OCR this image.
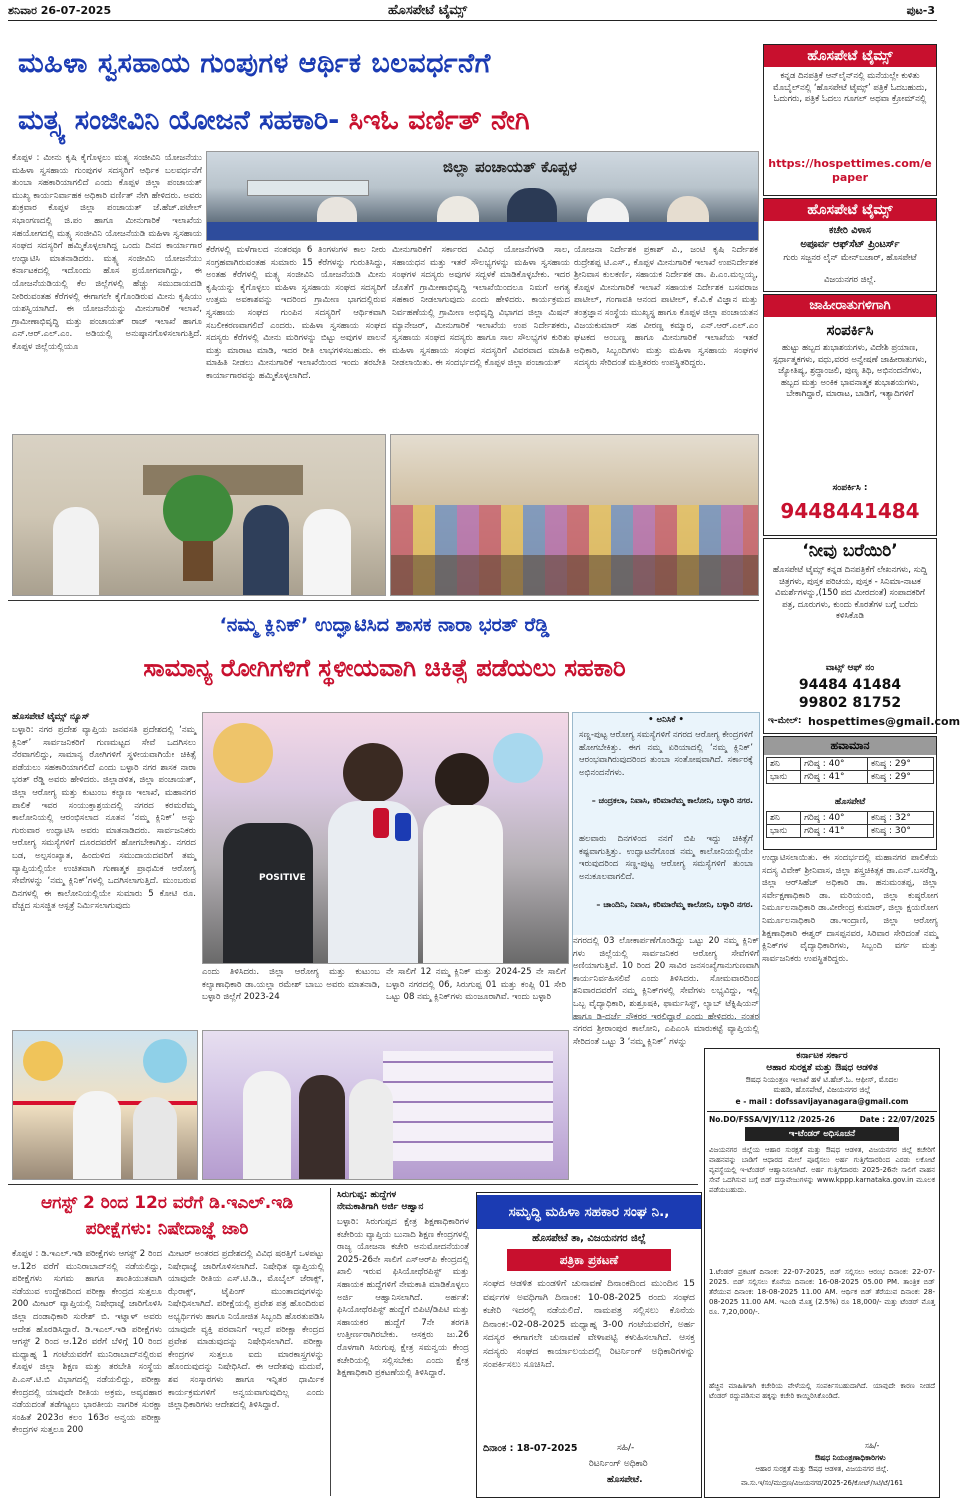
ಶನಿವಾರ 26-07-2025	ಹೊಸಪೇಟೆ ಟೈಮ್ಸ್	ಪುಟ-3
ಮಹಿಳಾ ಸ್ವಸಹಾಯ ಗುಂಪುಗಳ ಆರ್ಥಿಕ ಬಲವರ್ಧನೆಗೆ
ಮತ್ಸ್ಯ ಸಂಜೀವಿನಿ ಯೋಜನೆ ಸಹಕಾರಿ- ಸಿಇಓ ವರ್ಣಿತ್ ನೇಗಿ
ಕೊಪ್ಪಳ : ಮೀನು ಕೃಷಿ ಕೈಗೊಳ್ಳಲು ಮತ್ಸ್ಯ ಸಂಜೀವಿನಿ ಯೋಜನೆಯು ಮಹಿಳಾ ಸ್ವಸಹಾಯ ಗುಂಪುಗಳ ಸದಸ್ಯರಿಗೆ ಆರ್ಥಿಕ ಬಲವರ್ಧನೆಗೆ ತುಂಬಾ ಸಹಕಾರಿಯಾಗಲಿದೆ ಎಂದು ಕೊಪ್ಪಳ ಜಿಲ್ಲಾ ಪಂಚಾಯತ್ ಮುಖ್ಯ ಕಾರ್ಯನಿರ್ವಾಹಕ ಅಧಿಕಾರಿ ವರ್ಣಿತ್ ನೇಗಿ ಹೇಳಿದರು. ಅವರು ಶುಕ್ರವಾರ ಕೊಪ್ಪಳ ಜಿಲ್ಲಾ ಪಂಚಾಯತ್ ಜೆ.ಹೆಚ್.ಪಟೇಲ್ ಸಭಾಂಗಣದಲ್ಲಿ ಜಿ.ಪಂ ಹಾಗೂ ಮೀನುಗಾರಿಕೆ ಇಲಾಖೆಯ ಸಹಯೋಗದಲ್ಲಿ ಮತ್ಸ್ಯ ಸಂಜೀವಿನಿ ಯೋಜನೆಯಡಿ ಮಹಿಳಾ ಸ್ವಸಹಾಯ ಸಂಘದ ಸದಸ್ಯರಿಗೆ ಹಮ್ಮಿಕೊಳ್ಳಲಾಗಿದ್ದ ಒಂದು ದಿನದ ಕಾರ್ಯಾಗಾರ ಉದ್ಘಾಟಿಸಿ ಮಾತನಾಡಿದರು. ಮತ್ಸ್ಯ ಸಂಜೀವಿನಿ ಯೋಜನೆಯು ಕರ್ನಾಟಕದಲ್ಲಿ ಇದೊಂದು ಹೊಸ ಪ್ರಯೋಗವಾಗಿದ್ದು, ಈ ಯೋಜನೆಯಡಿಯಲ್ಲಿ ಕೆಲ ಜಿಲ್ಲೆಗಳಲ್ಲಿ ಹೆಚ್ಚು ಸಮುದಾಯದಡಿ ನೀರಿರುವಂತಹ ಕೆರೆಗಳಲ್ಲಿ ಈಗಾಗಲೇ ಕೈಗೊಂಡಿರುವ ಮೀನು ಕೃಷಿಯು ಯಶಸ್ವಿಯಾಗಿದೆ. ಈ ಯೋಜನೆಯನ್ನು ಮೀನುಗಾರಿಕೆ ಇಲಾಖೆ, ಗ್ರಾಮೀಣಾಭಿವೃದ್ಧಿ ಮತ್ತು ಪಂಚಾಯತ್ ರಾಜ್ ಇಲಾಖೆ ಹಾಗೂ ಎನ್.ಆರ್.ಎಲ್.ಎಂ. ಅಡಿಯಲ್ಲಿ ಅನುಷ್ಠಾನಗೊಳಿಸಲಾಗುತ್ತಿದೆ. ಕೊಪ್ಪಳ ಜಿಲ್ಲೆಯಲ್ಲಿಯೂ
ಜಿಲ್ಲಾ ಪಂಚಾಯತ್ ಕೊಪ್ಪಳ
ಕೆರೆಗಳಲ್ಲಿ ಮಳೆಗಾಲದ ನಂತರವೂ 6 ತಿಂಗಳುಗಳ ಕಾಲ ನೀರು ಸಂಗ್ರಹವಾಗಿರುವಂತಹ ಸುಮಾರು 15 ಕೆರೆಗಳನ್ನು ಗುರುತಿಸಿದ್ದು, ಅಂತಹ ಕೆರೆಗಳಲ್ಲಿ ಮತ್ಸ್ಯ ಸಂಜೀವಿನಿ ಯೋಜನೆಯಡಿ ಮೀನು ಕೃಷಿಯನ್ನು ಕೈಗೊಳ್ಳಲು ಮಹಿಳಾ ಸ್ವಸಹಾಯ ಸಂಘದ ಸದಸ್ಯರಿಗೆ ಉತ್ತಮ ಅವಕಾಶವನ್ನು ಇದರಿಂದ ಗ್ರಾಮೀಣ ಭಾಗದಲ್ಲಿರುವ ಸ್ವಸಹಾಯ ಸಂಘದ ಗುಂಪಿನ ಸದಸ್ಯರಿಗೆ ಆರ್ಥಿಕವಾಗಿ ಸಬಲೀಕರಣವಾಗಲಿದೆ ಎಂದರು. ಮಹಿಳಾ ಸ್ವಸಹಾಯ ಸಂಘದ ಸದಸ್ಯರು ಕೆರೆಗಳಲ್ಲಿ ಮೀನು ಮರಿಗಳನ್ನು ಬಿಟ್ಟು ಅವುಗಳ ಪಾಲನೆ ಮತ್ತು ಮಾರಾಟ ಮಾಡಿ, ಇದರ ರೀತಿ ಲಾಭಗಳಿಸಬಹುದು. ಈ ಮಾಹಿತಿ ನೀಡಲು ಮೀನುಗಾರಿಕೆ ಇಲಾಖೆಯಿಂದ ಇಂದು ತರಬೇತಿ ಕಾರ್ಯಾಗಾರವನ್ನು ಹಮ್ಮಿಕೊಳ್ಳಲಾಗಿದೆ.
ಮೀನುಗಾರಿಕೆಗೆ ಸರ್ಕಾರದ ವಿವಿಧ ಯೋಜನೆಗಳಡಿ ಸಾಲ, ಸಹಾಯಧನ ಮತ್ತು ಇತರೆ ಸೌಲಭ್ಯಗಳನ್ನು ಮಹಿಳಾ ಸ್ವಸಹಾಯ ಸಂಘಗಳ ಸದಸ್ಯರು ಅವುಗಳ ಸದ್ಬಳಕೆ ಮಾಡಿಕೊಳ್ಳಬೇಕು. ಇದರ ಜೊತೆಗೆ ಗ್ರಾಮೀಣಾಭಿವೃದ್ಧಿ ಇಲಾಖೆಯಿಂದಲೂ ನಿಮಗೆ ಅಗತ್ಯ ಸಹಕಾರ ನೀಡಲಾಗುವುದು ಎಂದು ಹೇಳಿದರು. ಕಾರ್ಯಕ್ರಮದ ನಿರ್ವಹಣೆಯಲ್ಲಿ ಗ್ರಾಮೀಣ ಅಭಿವೃದ್ಧಿ ವಿಭಾಗದ ಜಿಲ್ಲಾ ಮಿಷನ್ ಮ್ಯಾನೇಜರ್, ಮೀನುಗಾರಿಕೆ ಇಲಾಖೆಯ ಉಪ ನಿರ್ದೇಶಕರು, ಸ್ವಸಹಾಯ ಸಂಘದ ಸದಸ್ಯರು ಹಾಗೂ ಸಾಲ ಸೌಲಭ್ಯಗಳ ಕುರಿತು ಮಹಿಳಾ ಸ್ವಸಹಾಯ ಸಂಘದ ಸದಸ್ಯರಿಗೆ ವಿವರವಾದ ಮಾಹಿತಿ ನೀಡಲಾಯಿತು. ಈ ಸಂದರ್ಭದಲ್ಲಿ ಕೊಪ್ಪಳ ಜಿಲ್ಲಾ ಪಂಚಾಯತ್
ಯೋಜನಾ ನಿರ್ದೇಶಕ ಪ್ರಕಾಶ್ ವಿ., ಜಂಟಿ ಕೃಷಿ ನಿರ್ದೇಶಕ ರುದ್ರೇಶಪ್ಪ ಟಿ.ಎಸ್., ಕೊಪ್ಪಳ ಮೀನುಗಾರಿಕೆ ಇಲಾಖೆ ಉಪನಿರ್ದೇಶಕ ಶ್ರೀನಿವಾಸ ಕುಲಕರ್ಣಿ, ಸಹಾಯಕ ನಿರ್ದೇಶಕ ಡಾ. ಪಿ.ಎಂ.ಮಲ್ಲಯ್ಯ, ಕೊಪ್ಪಳ ಮೀನುಗಾರಿಕೆ ಇಲಾಖೆ ಸಹಾಯಕ ನಿರ್ದೇಶಕ ಬಸವರಾಜ ಪಾಟೀಲ್, ಗಂಗಾವತಿ ಆನಂದ ಪಾಟೀಲ್, ಕೆ.ವಿ.ಕೆ ವಿಜ್ಞಾನ ಮತ್ತು ತಂತ್ರಜ್ಞಾನ ಸಂಸ್ಥೆಯ ಮುಖ್ಯಸ್ಥ ಹಾಗೂ ಕೊಪ್ಪಳ ಜಿಲ್ಲಾ ಪಂಚಾಯತನ ವಿಜಯಕುಮಾರ್ ಸಹ ವೀರಣ್ಣ ಕಮ್ಮಾರ, ಎನ್.ಆರ್.ಎಲ್.ಎಂ ಘಟಕದ ಅಂಬಣ್ಣ ಹಾಗೂ ಮೀನುಗಾರಿಕೆ ಇಲಾಖೆಯ ಇತರೆ ಅಧಿಕಾರಿ, ಸಿಬ್ಬಂದಿಗಳು ಮತ್ತು ಮಹಿಳಾ ಸ್ವಸಹಾಯ ಸಂಘಗಳ ಸದಸ್ಯರು ಸೇರಿದಂತೆ ಮತ್ತಿತರರು ಉಪಸ್ಥಿತರಿದ್ದರು.
‘ನಮ್ಮ ಕ್ಲಿನಿಕ್’ ಉದ್ಘಾಟಿಸಿದ ಶಾಸಕ ನಾರಾ ಭರತ್ ರೆಡ್ಡಿ
ಸಾಮಾನ್ಯ ರೋಗಿಗಳಿಗೆ ಸ್ಥಳೀಯವಾಗಿ ಚಿಕಿತ್ಸೆ ಪಡೆಯಲು ಸಹಕಾರಿ
ಹೊಸಪೇಟೆ ಟೈಮ್ಸ್ ನ್ಯೂಸ್
ಬಳ್ಳಾರಿ: ನಗರ ಪ್ರದೇಶ ವ್ಯಾಪ್ತಿಯ ಜನವಸತಿ ಪ್ರದೇಶದಲ್ಲಿ ‘ನಮ್ಮ ಕ್ಲಿನಿಕ್’ ಸಾರ್ವಜನಿಕರಿಗೆ ಗುಣಮಟ್ಟದ ಸೇವೆ ಒದಗಿಸಲು ನೆರವಾಗಲಿದ್ದು, ಸಾಮಾನ್ಯ ರೋಗಿಗಳಿಗೆ ಸ್ಥಳೀಯವಾಗಿಯೇ ಚಿಕಿತ್ಸೆ ಪಡೆಯಲು ಸಹಕಾರಿಯಾಗಲಿದೆ ಎಂದು ಬಳ್ಳಾರಿ ನಗರ ಶಾಸಕ ನಾರಾ ಭರತ್ ರೆಡ್ಡಿ ಅವರು ಹೇಳಿದರು. ಜಿಲ್ಲಾಡಳಿತ, ಜಿಲ್ಲಾ ಪಂಚಾಯತ್, ಜಿಲ್ಲಾ ಆರೋಗ್ಯ ಮತ್ತು ಕುಟುಂಬ ಕಲ್ಯಾಣ ಇಲಾಖೆ, ಮಹಾನಗರ ಪಾಲಿಕೆ ಇವರ ಸಂಯುಕ್ತಾಶ್ರಯದಲ್ಲಿ ನಗರದ ಕರಮರೆಮ್ಮ ಕಾಲೋನಿಯಲ್ಲಿ ಆರಂಭಿಸಲಾದ ನೂತನ ‘ನಮ್ಮ ಕ್ಲಿನಿಕ್’ ಅನ್ನು ಗುರುವಾರ ಉದ್ಘಾಟಿಸಿ ಅವರು ಮಾತನಾಡಿದರು. ಸಾರ್ವಜನಿಕರು ಆರೋಗ್ಯ ಸಮಸ್ಯೆಗಳಿಗೆ ದೂರದವರೆಗೆ ಹೋಗಬೇಕಾಗಿತ್ತು. ನಗರದ ಬಡ, ಅಲ್ಪಸಂಖ್ಯಾತ, ಹಿಂದುಳಿದ ಸಮುದಾಯದವರಿಗೆ ತಮ್ಮ ವ್ಯಾಪ್ತಿಯಲ್ಲಿಯೇ ಉಚಿತವಾಗಿ ಗುಣಾತ್ಮಕ ಪ್ರಾಥಮಿಕ ಆರೋಗ್ಯ ಸೇವೆಗಳನ್ನು ‘ನಮ್ಮ ಕ್ಲಿನಿಕ್’ಗಳಲ್ಲಿ ಒದಗಿಸಲಾಗುತ್ತಿದೆ. ಮುಂಬರುವ ದಿನಗಳಲ್ಲಿ ಈ ಕಾಲೋನಿಯಲ್ಲಿಯೇ ಸುಮಾರು 5 ಕೋಟಿ ರೂ. ವೆಚ್ಚದ ಸುಸಜ್ಜಿತ ಆಸ್ಪತ್ರೆ ನಿರ್ಮಿಸಲಾಗುವುದು
POSITIVE
ಎಂದು ತಿಳಿಸಿದರು. ಜಿಲ್ಲಾ ಆರೋಗ್ಯ ಮತ್ತು ಕುಟುಂಬ ಕಲ್ಯಾಣಾಧಿಕಾರಿ ಡಾ.ಯಲ್ಲಾ ರಮೇಶ್ ಬಾಬು ಅವರು ಮಾತನಾಡಿ, ಬಳ್ಳಾರಿ ಜಿಲ್ಲೆಗೆ 2023-24
ನೇ ಸಾಲಿಗೆ 12 ನಮ್ಮ ಕ್ಲಿನಿಕ್ ಮತ್ತು 2024-25 ನೇ ಸಾಲಿಗೆ ಬಳ್ಳಾರಿ ನಗರದಲ್ಲಿ 06, ಸಿರುಗುಪ್ಪ 01 ಮತ್ತು ಕಂಪ್ಲಿ 01 ಸೇರಿ ಒಟ್ಟು 08 ನಮ್ಮ ಕ್ಲಿನಿಕ್‌ಗಳು ಮಂಜೂರಾಗಿವೆ. ಇಂದು ಬಳ್ಳಾರಿ
• ಅನಿಸಿಕೆ •
ಸಣ್ಣ-ಪುಟ್ಟ ಆರೋಗ್ಯ ಸಮಸ್ಯೆಗಳಿಗೆ ನಗರದ ಆರೋಗ್ಯ ಕೇಂದ್ರಗಳಿಗೆ ಹೋಗಬೇಕಿತ್ತು. ಈಗ ನಮ್ಮ ಏರಿಯಾದಲ್ಲಿ ‘ನಮ್ಮ ಕ್ಲಿನಿಕ್’ ಆರಂಭವಾಗಿರುವುದರಿಂದ ತುಂಬಾ ಸಂತೋಷವಾಗಿದೆ. ಸರ್ಕಾರಕ್ಕೆ ಅಭಿನಂದನೆಗಳು.
– ಚಂದ್ರಕಲಾ, ನಿವಾಸಿ, ಕರಿಮಾರೆಮ್ಮ ಕಾಲೋನಿ, ಬಳ್ಳಾರಿ ನಗರ.
ಹಲವಾರು ದಿನಗಳಿಂದ ನನಗೆ ಬಿಪಿ ಇದ್ದು ಚಿಕಿತ್ಸೆಗೆ ಕಷ್ಟವಾಗುತ್ತಿತ್ತು. ಉದ್ಘಾಟನೆಗೊಂಡ ನಮ್ಮ ಕಾಲೋನಿಯಲ್ಲಿಯೇ ಇರುವುದರಿಂದ ಸಣ್ಣ-ಪುಟ್ಟ ಆರೋಗ್ಯ ಸಮಸ್ಯೆಗಳಿಗೆ ತುಂಬಾ ಅನುಕೂಲವಾಗಲಿದೆ.
– ಚಾಂದಿನಿ, ನಿವಾಸಿ, ಕರಿಮಾರೆಮ್ಮ ಕಾಲೋನಿ, ಬಳ್ಳಾರಿ ನಗರ.
ನಗರದಲ್ಲಿ 03 ಲೋಕಾರ್ಪಣೆಗೊಂಡಿದ್ದು ಒಟ್ಟು 20 ನಮ್ಮ ಕ್ಲಿನಿಕ್ ಗಳು ಜಿಲ್ಲೆಯಲ್ಲಿ ಸಾರ್ವಜನಿಕರ ಆರೋಗ್ಯ ಸೇವೆಗಳಿಗೆ ಅಣಿಯಾಗುತ್ತಿವೆ. 10 ರಿಂದ 20 ಸಾವಿರ ಜನಸಂಖ್ಯೆಗಾನುಗುಣವಾಗಿ ಕಾರ್ಯನಿರ್ವಹಿಸಲಿವೆ ಎಂದು ತಿಳಿಸಿದರು. ಸೋಮವಾರದಿಂದ ಶನಿವಾರದವರೆಗೆ ನಮ್ಮ ಕ್ಲಿನಿಕ್‌ಗಳಲ್ಲಿ ಸೇವೆಗಳು ಲಭ್ಯವಿದ್ದು, ಇಲ್ಲಿ ಒಬ್ಬ ವೈದ್ಯಾಧಿಕಾರಿ, ಶುಶ್ರೂಷಕಿ, ಫಾರ್ಮಸಿಸ್ಟ್, ಲ್ಯಾಬ್ ಟೆಕ್ನಿಷಿಯನ್ ಹಾಗೂ ಡಿ-ದರ್ಜೆ ನೌಕರರ ಇರಲಿದ್ದಾರೆ ಎಂದು ಹೇಳಿದರು. ನಂತರ ನಗರದ ಶ್ರೀರಾಂಪುರ ಕಾಲೋನಿ, ಎಪಿಎಂಸಿ ಮಾರುಕಟ್ಟೆ ವ್ಯಾಪ್ತಿಯಲ್ಲಿ ಸೇರಿದಂತೆ ಒಟ್ಟು 3 ‘ನಮ್ಮ ಕ್ಲಿನಿಕ್’ ಗಳನ್ನು
ಉದ್ಘಾಟಿಸಲಾಯಿತು. ಈ ಸಂದರ್ಭದಲ್ಲಿ ಮಹಾನಗರ ಪಾಲಿಕೆಯ ಸದಸ್ಯ ವಿವೇಕ್ ಶ್ರೀನಿವಾಸ, ಜಿಲ್ಲಾ ಶಸ್ತ್ರಚಿಕಿತ್ಸಕ ಡಾ.ಎನ್.ಬಸರೆಡ್ಡಿ, ಜಿಲ್ಲಾ ಆರ್‌ಸಿಹೆಚ್ ಅಧಿಕಾರಿ ಡಾ. ಹನುಮಂತಪ್ಪ, ಜಿಲ್ಲಾ ಸರ್ವೇಕ್ಷಣಾಧಿಕಾರಿ ಡಾ. ಮರಿಯಂಬಿ, ಜಿಲ್ಲಾ ಕುಷ್ಠರೋಗ ನಿರ್ಮೂಲನಾಧಿಕಾರಿ ಡಾ.ವೀರೇಂದ್ರ ಕುಮಾರ್, ಜಿಲ್ಲಾ ಕ್ಷಯರೋಗ ನಿರ್ಮೂಲನಾಧಿಕಾರಿ ಡಾ.ಇಂದ್ರಾಣಿ, ಜಿಲ್ಲಾ ಆರೋಗ್ಯ ಶಿಕ್ಷಣಾಧಿಕಾರಿ ಈಶ್ವರ್ ದಾಸಪ್ಪನವರ, ಸಿರಿವಾರ ಸೇರಿದಂತೆ ನಮ್ಮ ಕ್ಲಿನಿಕ್‌ಗಳ ವೈದ್ಯಾಧಿಕಾರಿಗಳು, ಸಿಬ್ಬಂದಿ ವರ್ಗ ಮತ್ತು ಸಾರ್ವಜನಿಕರು ಉಪಸ್ಥಿತರಿದ್ದರು.
ಆಗಸ್ಟ್ 2 ರಿಂದ 12ರ ವರೆಗೆ ಡಿ.ಇಎಲ್.ಇಡಿ
ಪರೀಕ್ಷೆಗಳು: ನಿಷೇದಾಜ್ಞೆ ಜಾರಿ
ಕೊಪ್ಪಳ : ಡಿ.ಇಎಲ್.ಇಡಿ ಪರೀಕ್ಷೆಗಳು ಆಗಸ್ಟ್ 2 ರಿಂದ ಆ.12ರ ವರೆಗೆ ಮುನಿರಾಬಾದ್‌ನಲ್ಲಿ ನಡೆಯಲಿದ್ದು, ಪರೀಕ್ಷೆಗಳು ಸುಗಮ ಹಾಗೂ ಶಾಂತಿಯುತವಾಗಿ ನಡೆಯುವ ಉದ್ದೇಶದಿಂದ ಪರೀಕ್ಷಾ ಕೇಂದ್ರದ ಸುತ್ತಲೂ 200 ಮೀಟರ್ ವ್ಯಾಪ್ತಿಯಲ್ಲಿ ನಿಷೇಧಾಜ್ಞೆ ಜಾರಿಗೊಳಿಸಿ ಜಿಲ್ಲಾ ದಂಡಾಧಿಕಾರಿ ಸುರೇಶ್ ಬಿ. ಇಟ್ನಾಳ್ ಅವರು ಆದೇಶ ಹೊರಡಿಸಿದ್ದಾರೆ. ಡಿ.ಇಎಲ್.ಇಡಿ ಪರೀಕ್ಷೆಗಳು ಆಗಸ್ಟ್ 2 ರಿಂದ ಆ.12ರ ವರೆಗೆ ಬೆಳಿಗ್ಗೆ 10 ರಿಂದ ಮಧ್ಯಾಹ್ನ 1 ಗಂಟೆಯವರೆಗೆ ಮುನಿರಾಬಾದ್‌ನಲ್ಲಿರುವ ಕೊಪ್ಪಳ ಜಿಲ್ಲಾ ಶಿಕ್ಷಣ ಮತ್ತು ತರಬೇತಿ ಸಂಸ್ಥೆಯ ಪಿ.ಎಸ್.ಟಿ.ಬಿ ವಿಭಾಗದಲ್ಲಿ ನಡೆಯಲಿದ್ದು, ಪರೀಕ್ಷಾ ಕೇಂದ್ರದಲ್ಲಿ ಯಾವುದೇ ರೀತಿಯ ಅಕ್ರಮ, ಅವ್ಯವಹಾರ ನಡೆಯದಂತೆ ತಡೆಗಟ್ಟಲು ಭಾರತೀಯ ನಾಗರಿಕ ಸುರಕ್ಷಾ ಸಂಹಿತೆ 2023ರ ಕಲಂ 163ರ ಅನ್ವಯ ಪರೀಕ್ಷಾ ಕೇಂದ್ರಗಳ ಸುತ್ತಲೂ 200
ಮೀಟರ್ ಅಂತರದ ಪ್ರದೇಶದಲ್ಲಿ ವಿವಿಧ ಷರತ್ತಿಗೆ ಒಳಪಟ್ಟು ನಿಷೇಧಾಜ್ಞೆ ಜಾರಿಗೊಳಿಸಲಾಗಿದೆ. ನಿಷೇಧಿತ ವ್ಯಾಪ್ತಿಯಲ್ಲಿ ಯಾವುದೇ ರೀತಿಯ ಎಸ್.ಟಿ.ಡಿ., ಮೊಬೈಲ್ ಜೆರಾಕ್ಸ್, ಝೆರಾಕ್ಸ್, ಟೈಪಿಂಗ್ ಮುಂತಾದವುಗಳನ್ನು ನಿಷೇಧಿಸಲಾಗಿದೆ. ಪರೀಕ್ಷೆಯಲ್ಲಿ ಪ್ರವೇಶ ಪತ್ರ ಹೊಂದಿರುವ ಅಭ್ಯರ್ಥಿಗಳು ಹಾಗೂ ನಿಯೋಜಿತ ಸಿಬ್ಬಂದಿ ಹೊರತುಪಡಿಸಿ ಯಾವುದೇ ವ್ಯಕ್ತಿ ಪರವಾನಿಗೆ ಇಲ್ಲದೆ ಪರೀಕ್ಷಾ ಕೇಂದ್ರದ ಪ್ರವೇಶ ಮಾಡುವುದನ್ನು ನಿಷೇಧಿಸಲಾಗಿದೆ. ಪರೀಕ್ಷಾ ಕೇಂದ್ರಗಳ ಸುತ್ತಲೂ ಐದು ಮಾರಕಾಸ್ತ್ರಗಳನ್ನು ಹೊಂದುವುದನ್ನು ನಿಷೇಧಿಸಿದೆ. ಈ ಆದೇಶವು ಮದುವೆ, ಶವ ಸಂಸ್ಕಾರಗಳು ಹಾಗೂ ಇನ್ನಿತರ ಧಾರ್ಮಿಕ ಕಾರ್ಯಕ್ರಮಗಳಿಗೆ ಅನ್ವಯವಾಗುವುದಿಲ್ಲ ಎಂದು ಜಿಲ್ಲಾಧಿಕಾರಿಗಳು ಆದೇಶದಲ್ಲಿ ತಿಳಿಸಿದ್ದಾರೆ.
ಸಿರುಗುಪ್ಪ: ಹುದ್ದೆಗಳ
ನೇಮಕಾತಿಗಾಗಿ ಅರ್ಜಿ ಆಹ್ವಾನ
ಬಳ್ಳಾರಿ: ಸಿರುಗುಪ್ಪದ ಕ್ಷೇತ್ರ ಶಿಕ್ಷಣಾಧಿಕಾರಿಗಳ ಕಚೇರಿಯ ವ್ಯಾಪ್ತಿಯ ಬುನಾದಿ ಶಿಕ್ಷಣ ಕೇಂದ್ರಗಳಲ್ಲಿ ರಾಜ್ಯ ಯೋಜನಾ ಕಚೇರಿ ಅನುಮೋದನೆಯಂತೆ 2025-26ನೇ ಸಾಲಿಗೆ ಎಸ್‌ಆರ್‌ಪಿ ಕೇಂದ್ರದಲ್ಲಿ ಖಾಲಿ ಇರುವ ಫಿಸಿಯೋಥೆರಪಿಸ್ಟ್ ಮತ್ತು ಸಹಾಯಕ ಹುದ್ದೆಗಳಿಗೆ ನೇಮಕಾತಿ ಮಾಡಿಕೊಳ್ಳಲು ಅರ್ಜಿ ಆಹ್ವಾನಿಸಲಾಗಿದೆ. ಅರ್ಹತೆ: ಫಿಸಿಯೋಥೆರಪಿಸ್ಟ್ ಹುದ್ದೆಗೆ ಬಿಪಿಟಿ/ಡಿಪಿಟಿ ಮತ್ತು ಸಹಾಯಕರ ಹುದ್ದೆಗೆ 7ನೇ ತರಗತಿ ಉತ್ತೀರ್ಣರಾಗಿರಬೇಕು. ಆಸಕ್ತರು ಜು.26 ರೊಳಗಾಗಿ ಸಿರುಗುಪ್ಪ ಕ್ಷೇತ್ರ ಸಮನ್ವಯ ಕೇಂದ್ರ ಕಚೇರಿಯಲ್ಲಿ ಸಲ್ಲಿಸಬೇಕು ಎಂದು ಕ್ಷೇತ್ರ ಶಿಕ್ಷಣಾಧಿಕಾರಿ ಪ್ರಕಟಣೆಯಲ್ಲಿ ತಿಳಿಸಿದ್ದಾರೆ.
ಸಮೃದ್ಧಿ ಮಹಿಳಾ ಸಹಕಾರ ಸಂಘ ನಿ.,
ಹೊಸಪೇಟೆ ತಾ, ವಿಜಯನಗರ ಜಿಲ್ಲೆ
ಪತ್ರಿಕಾ ಪ್ರಕಟಣೆ
ಸಂಘದ ಆಡಳಿತ ಮಂಡಳಿಗೆ ಚುನಾವಣೆ ದಿನಾಂಕದಿಂದ ಮುಂದಿನ 15 ವರ್ಷಗಳ ಅವಧಿಗಾಗಿ ದಿನಾಂಕ: 10-08-2025 ರಂದು ಸಂಘದ ಕಚೇರಿ ಇದರಲ್ಲಿ ನಡೆಯಲಿದೆ. ನಾಮಪತ್ರ ಸಲ್ಲಿಸಲು ಕೊನೆಯ ದಿನಾಂಕ:-02-08-2025 ಮಧ್ಯಾಹ್ನ 3-00 ಗಂಟೆಯವರೆಗೆ, ಅರ್ಹ ಸದಸ್ಯರ ಈಗಾಗಲೇ ಚುನಾವಣೆ ವೇಳಾಪಟ್ಟಿ ಕಳುಹಿಸಲಾಗಿದೆ. ಆಸಕ್ತ ಸದಸ್ಯರು ಸಂಘದ ಕಾರ್ಯಾಲಯದಲ್ಲಿ ರಿಟರ್ನಿಂಗ್ ಅಧಿಕಾರಿಗಳನ್ನು ಸಂಪರ್ಕಿಸಲು ಸೂಚಿಸಿದೆ.
ದಿನಾಂಕ : 18-07-2025	ಸಹಿ/-
ರಿಟರ್ನಿಂಗ್ ಅಧಿಕಾರಿ
ಹೊಸಪೇಟೆ.
ಕರ್ನಾಟಕ ಸರ್ಕಾರ
ಆಹಾರ ಸುರಕ್ಷತೆ ಮತ್ತು ಔಷಧ ಆಡಳಿತ
ಔಷಧ ನಿಯಂತ್ರಣ ಇಲಾಖೆ ಹಳೆ ಟಿ.ಹೆಚ್.ಓ. ಆಫೀಸ್, ಮೊದಲ
ಮಹಡಿ, ಹೊಸಪೇಟೆ, ವಿಜಯನಗರ ಜಿಲ್ಲೆ
e - mail : dofssavijayanagara@gmail.com
No.DO/FSSA/VJY/112 /2025-26	Date : 22/07/2025
ಇ-ಟೆಂಡರ್ ಅಧಿಸೂಚನೆ
ವಿಜಯನಗರ ಜಿಲ್ಲೆಯ ಆಹಾರ ಸುರಕ್ಷತೆ ಮತ್ತು ಔಷಧ ಆಡಳಿತ, ವಿಜಯನಗರ ಜಿಲ್ಲೆ ಕಚೇರಿಗೆ ವಾಹನವನ್ನು ಬಾಡಿಗೆ ಆಧಾರದ ಮೇಲೆ ಪೂರೈಸಲು ಅರ್ಹ ಗುತ್ತಿಗೆದಾರರಿಂದ ಎರಡು ಲಕೋಟೆ ವ್ಯವಸ್ಥೆಯಲ್ಲಿ ಇ-ಟೆಂಡರ್ ಆಹ್ವಾನಿಸಲಾಗಿದೆ. ಅರ್ಹ ಗುತ್ತಿಗೆದಾರರು 2025-26ನೇ ಸಾಲಿಗೆ ವಾಹನ ಸೇವೆ ಒದಗಿಸುವ ಬಗ್ಗೆ ಬಿಡ್ ದಸ್ತಾವೇಜುಗಳನ್ನು www.kppp.karnataka.gov.in ಮೂಲಕ ಪಡೆಯಬಹುದು.
1.ಟೆಂಡರ್ ಪ್ರಕಟಣೆ ದಿನಾಂಕ: 22-07-2025, ಬಿಡ್ ಸಲ್ಲಿಸಲು ಆರಂಭ ದಿನಾಂಕ: 22-07-2025. ಬಿಡ್ ಸಲ್ಲಿಸಲು ಕೊನೆಯ ದಿನಾಂಕ: 16-08-2025 05.00 PM. ತಾಂತ್ರಿಕ ಬಿಡ್ ತೆರೆಯುವ ದಿನಾಂಕ: 18-08-2025 11.00 AM. ಆರ್ಥಿಕ ಬಿಡ್ ತೆರೆಯುವ ದಿನಾಂಕ: 28-08-2025 11.00 AM. ಇಎಂಡಿ ಮೊತ್ತ (2.5%) ರೂ 18,000/- ಮತ್ತು ಟೆಂಡರ್ ಮೊತ್ತ ರೂ. 7,20,000/-.
ಹೆಚ್ಚಿನ ಮಾಹಿತಿಗಾಗಿ ಕಚೇರಿಯ ವೇಳೆಯಲ್ಲಿ ಸಂಪರ್ಕಿಸಬಹುದಾಗಿದೆ. ಯಾವುದೇ ಕಾರಣ ನೀಡದೆ ಟೆಂಡರ್ ರದ್ದುಪಡಿಸುವ ಹಕ್ಕನ್ನು ಕಚೇರಿ ಕಾಯ್ದಿರಿಸಿಕೊಂಡಿದೆ.
ಸಹಿ/-
ಔಷಧ ನಿಯಂತ್ರಣಾಧಿಕಾರಿಗಳು
ಆಹಾರ ಸುರಕ್ಷತೆ ಮತ್ತು ಔಷಧ ಆಡಳಿತ, ವಿಜಯನಗರ ಜಿಲ್ಲೆ.
ವಾ.ಸು.ಇ/ಸಂ/ಮುದ್ರಣ/ವಿಜಯನಗರ/2025-26/ಕೋಟ್/ಸಿಟಿ/ಟೆ/161
ಹೊಸಪೇಟೆ ಟೈಮ್ಸ್
ಕನ್ನಡ ದಿನಪತ್ರಿಕೆ ಆನ್‌ಲೈನ್‌ನಲ್ಲಿ ಮನೆಯಲ್ಲೇ ಕುಳಿತು ಮೊಬೈಲ್‌ನಲ್ಲಿ ‘ಹೊಸಪೇಟೆ ಟೈಮ್ಸ್’ ಪತ್ರಿಕೆ ಓದಬಹುದು, ಓದುಗರು, ಪತ್ರಿಕೆ ಓದಲು ಗೂಗಲ್ ಅಥವಾ ಕ್ರೋಮ್‌ನಲ್ಲಿ
https://hospettimes.com/epaper
ಹೊಸಪೇಟೆ ಟೈಮ್ಸ್
ಕಚೇರಿ ವಿಳಾಸ
ಅಪೂರ್ವ ಆಫ್‌ಸೆಟ್ ಪ್ರಿಂಟರ್ಸ್
ಗುರು ಸಜ್ಜನರ ಲೈನ್ ಮೇನ್‌ಬಜಾರ್, ಹೊಸಪೇಟೆ
ವಿಜಯನಗರ ಜಿಲ್ಲೆ.
ಜಾಹೀರಾತುಗಳಿಗಾಗಿ
ಸಂಪರ್ಕಿಸಿ
ಹುಟ್ಟು ಹಬ್ಬದ ಶುಭಾಶಯಗಳು, ವಿದೇಶಿ ಪ್ರಯಾಣ, ಸ್ಪರ್ಧಾತ್ಮಕಗಳು, ವಧು,ವರರ ಅನ್ವೇಷಣೆ ಜಾಹೀರಾತುಗಳು, ಜ್ಯೋತಿಷ್ಯ, ಶ್ರದ್ಧಾಂಜಲಿ, ಪುಣ್ಯ ತಿಥಿ, ಅಭಿನಂದನೆಗಳು, ಹಬ್ಬದ ಮತ್ತು ಅಂಕಿಕ ಭಾವನಾತ್ಮಕ ಶುಭಾಶಯಗಳು, ಬೇಕಾಗಿದ್ದಾರೆ, ಮಾರಾಟ, ಬಾಡಿಗೆ, ಇತ್ಯಾದಿಗಳಿಗೆ
ಸಂಪರ್ಕಿಸಿ :
9448441484
‘ನೀವು ಬರೆಯಿರಿ’
ಹೊಸಪೇಟೆ ಟೈಮ್ಸ್ ಕನ್ನಡ ದಿನಪತ್ರಿಕೆಗೆ ಲೇಖನಗಳು, ಸುದ್ದಿ ಚಿತ್ರಗಳು, ಪುಸ್ತಕ ಪರಿಚಯ, ಪುಸ್ತಕ - ಸಿನಿಮಾ-ನಾಟಕ ವಿಮರ್ಶೆಗಳನ್ನು,(150 ಪದ ಮೀರದಂತೆ) ಸಂಪಾದಕರಿಗೆ ಪತ್ರ, ದೂರುಗಳು, ಕುಂದು ಕೊರತೆಗಳ ಬಗ್ಗೆ ಬರೆದು ಕಳಿಸಿಕೊಡಿ
ವಾಟ್ಸ್ ಆಫ್ ನಂ
94484 41484
99802 81752
ಇ-ಮೇಲ್: hospettimes@gmail.com
ಹವಾಮಾನ
ಶನಿ	ಗರಿಷ್ಠ : 40°	ಕನಿಷ್ಠ : 29°
ಭಾನು	ಗರಿಷ್ಠ : 41°	ಕನಿಷ್ಠ : 29°
ಹೊಸಪೇಟೆ
ಶನಿ	ಗರಿಷ್ಠ : 40°	ಕನಿಷ್ಠ : 32°
ಭಾನು	ಗರಿಷ್ಠ : 41°	ಕನಿಷ್ಠ : 30°
